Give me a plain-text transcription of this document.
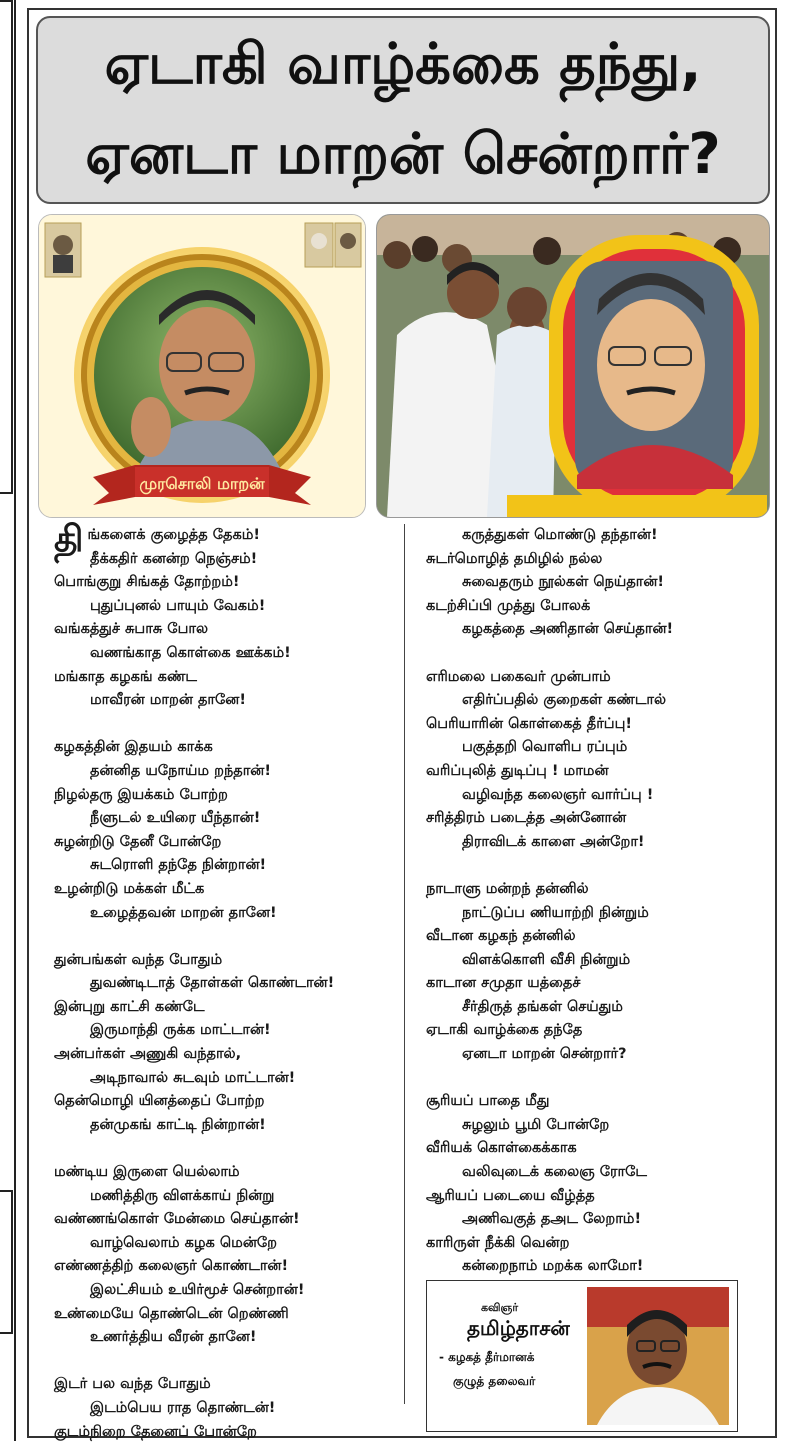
ஏடாகி வாழ்க்கை தந்து,
ஏனடா மாறன் சென்றார்?
முரசொலி மாறன்
திங்களைக் குழைத்த தேகம்!
தீக்கதிர் கனன்ற நெஞ்சம்!
பொங்குறு சிங்கத் தோற்றம்!
புதுப்புனல் பாயும் வேகம்!
வங்கத்துச் சுபாசு போல
வணங்காத கொள்கை ஊக்கம்!
மங்காத கழகங் கண்ட
மாவீரன் மாறன் தானே!
கழகத்தின் இதயம் காக்க
தன்னித யநோய்ம றந்தான்!
நிழல்தரு இயக்கம் போற்ற
நீளுடல் உயிரை யீந்தான்!
சுழன்றிடு தேனீ போன்றே
சுடரொளி தந்தே நின்றான்!
உழன்றிடு மக்கள் மீட்க
உழைத்தவன் மாறன் தானே!
துன்பங்கள் வந்த போதும்
துவண்டிடாத் தோள்கள் கொண்டான்!
இன்புறு காட்சி கண்டே
இருமாந்தி ருக்க மாட்டான்!
அன்பர்கள் அணுகி வந்தால்,
அடிநாவால் சுடவும் மாட்டான்!
தென்மொழி யினத்தைப் போற்ற
தன்முகங் காட்டி நின்றான்!
மண்டிய இருளை யெல்லாம்
மணித்திரு விளக்காய் நின்று
வண்ணங்கொள் மேன்மை செய்தான்!
வாழ்வெலாம் கழக மென்றே
எண்ணத்திற் கலைஞர் கொண்டான்!
இலட்சியம் உயிர்மூச் சென்றான்!
உண்மையே தொண்டென் றெண்ணி
உணர்த்திய வீரன் தானே!
இடர் பல வந்த போதும்
இடம்பெய ராத தொண்டன்!
குடம்நிறை தேனைப் போன்றே
கருத்துகள் மொண்டு தந்தான்!
சுடர்மொழித் தமிழில் நல்ல
சுவைதரும் நூல்கள் நெய்தான்!
கடற்சிப்பி முத்து போலக்
கழகத்தை அணிதான் செய்தான்!
எரிமலை பகைவர் முன்பாம்
எதிர்ப்பதில் குறைகள் கண்டால்
பெரியாரின் கொள்கைத் தீர்ப்பு!
பகுத்தறி வொளிப ரப்பும்
வரிப்புலித் துடிப்பு ! மாமன்
வழிவந்த கலைஞர் வார்ப்பு !
சரித்திரம் படைத்த அன்னோன்
திராவிடக் காளை அன்றோ!
நாடாளு மன்றந் தன்னில்
நாட்டுப்ப ணியாற்றி நின்றும்
வீடான கழகந் தன்னில்
விளக்கொளி வீசி நின்றும்
காடான சமுதா யத்தைச்
சீர்திருத் தங்கள் செய்தும்
ஏடாகி வாழ்க்கை தந்தே
ஏனடா மாறன் சென்றார்?
சூரியப் பாதை மீது
சுழலும் பூமி போன்றே
வீரியக் கொள்கைக்காக
வலிவுடைக் கலைஞ ரோடே
ஆரியப் படையை வீழ்த்த
அணிவகுத் தஅட லேறாம்!
காரிருள் நீக்கி வென்ற
கன்றைநாம் மறக்க லாமோ!
கவிஞர்
தமிழ்தாசன்
- கழகத் தீர்மானக்
குழுத் தலைவர்
